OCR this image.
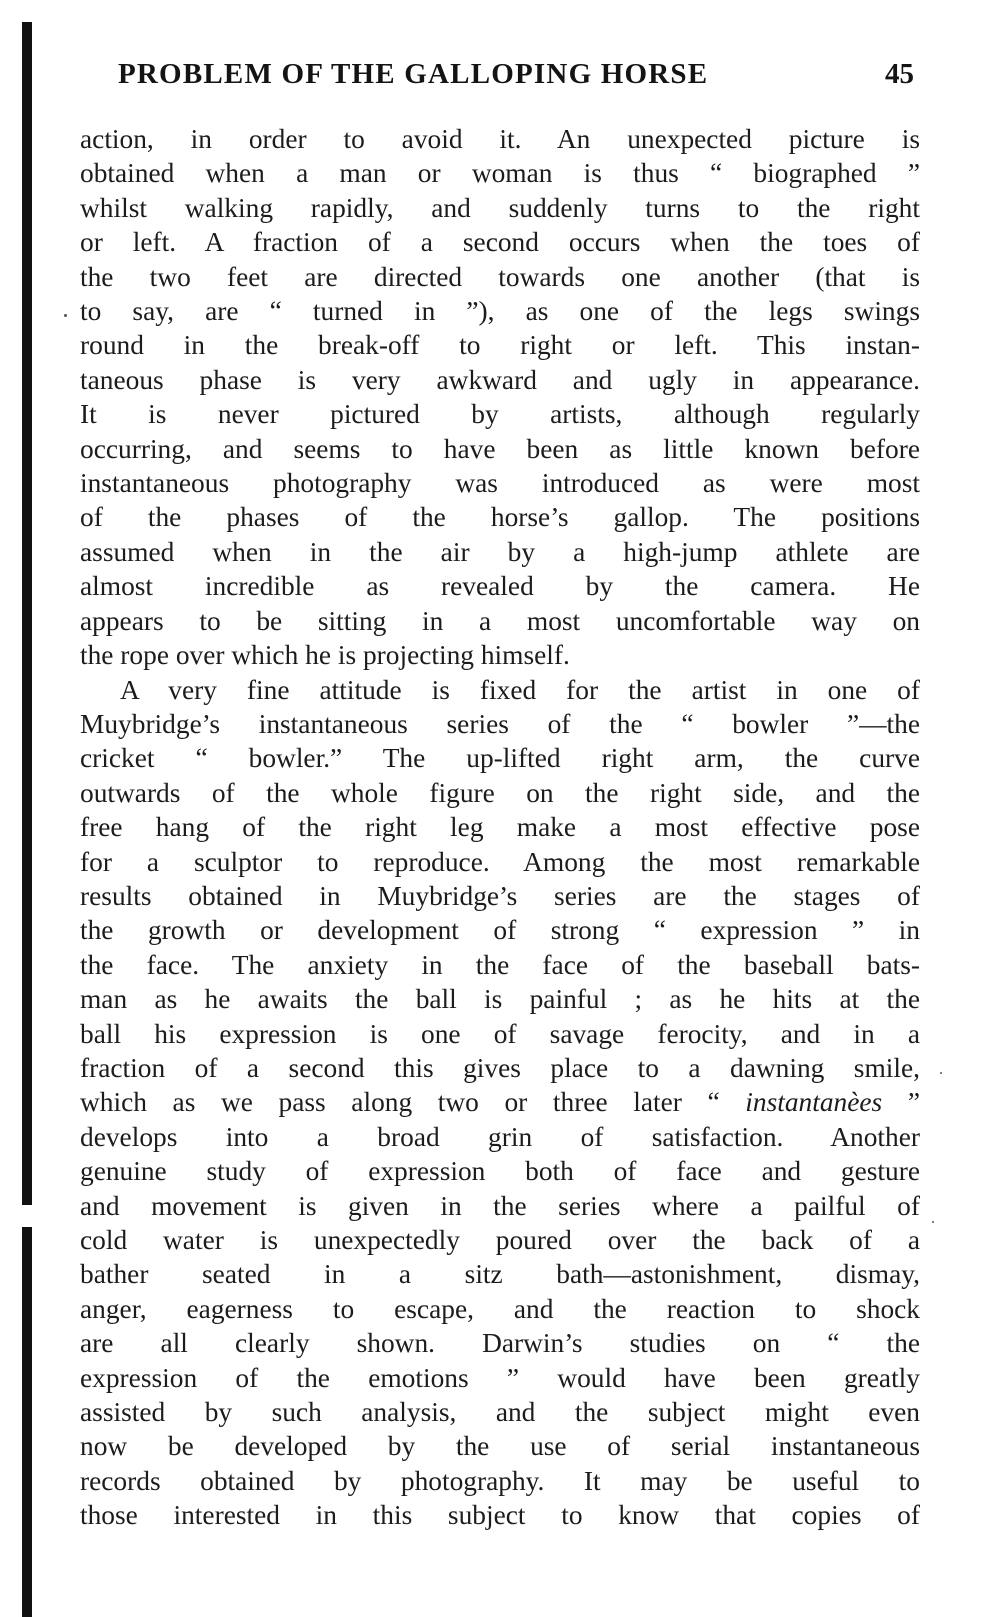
PROBLEM OF THE GALLOPING HORSE	45
action, in order to avoid it. An unexpected picture is
obtained when a man or woman is thus “ biographed ”
whilst walking rapidly, and suddenly turns to the right
or left. A fraction of a second occurs when the toes of
the two feet are directed towards one another (that is
to say, are “ turned in ”), as one of the legs swings
round in the break-off to right or left. This instan-
taneous phase is very awkward and ugly in appearance.
It is never pictured by artists, although regularly
occurring, and seems to have been as little known before
instantaneous photography was introduced as were most
of the phases of the horse’s gallop. The positions
assumed when in the air by a high-jump athlete are
almost incredible as revealed by the camera. He
appears to be sitting in a most uncomfortable way on
the rope over which he is projecting himself.
A very fine attitude is fixed for the artist in one of
Muybridge’s instantaneous series of the “ bowler ”—the
cricket “ bowler.” The up-lifted right arm, the curve
outwards of the whole figure on the right side, and the
free hang of the right leg make a most effective pose
for a sculptor to reproduce. Among the most remarkable
results obtained in Muybridge’s series are the stages of
the growth or development of strong “ expression ” in
the face. The anxiety in the face of the baseball bats-
man as he awaits the ball is painful ; as he hits at the
ball his expression is one of savage ferocity, and in a
fraction of a second this gives place to a dawning smile,
which as we pass along two or three later “ instantanèes ”
develops into a broad grin of satisfaction. Another
genuine study of expression both of face and gesture
and movement is given in the series where a pailful of
cold water is unexpectedly poured over the back of a
bather seated in a sitz bath—astonishment, dismay,
anger, eagerness to escape, and the reaction to shock
are all clearly shown. Darwin’s studies on “ the
expression of the emotions ” would have been greatly
assisted by such analysis, and the subject might even
now be developed by the use of serial instantaneous
records obtained by photography. It may be useful to
those interested in this subject to know that copies of
